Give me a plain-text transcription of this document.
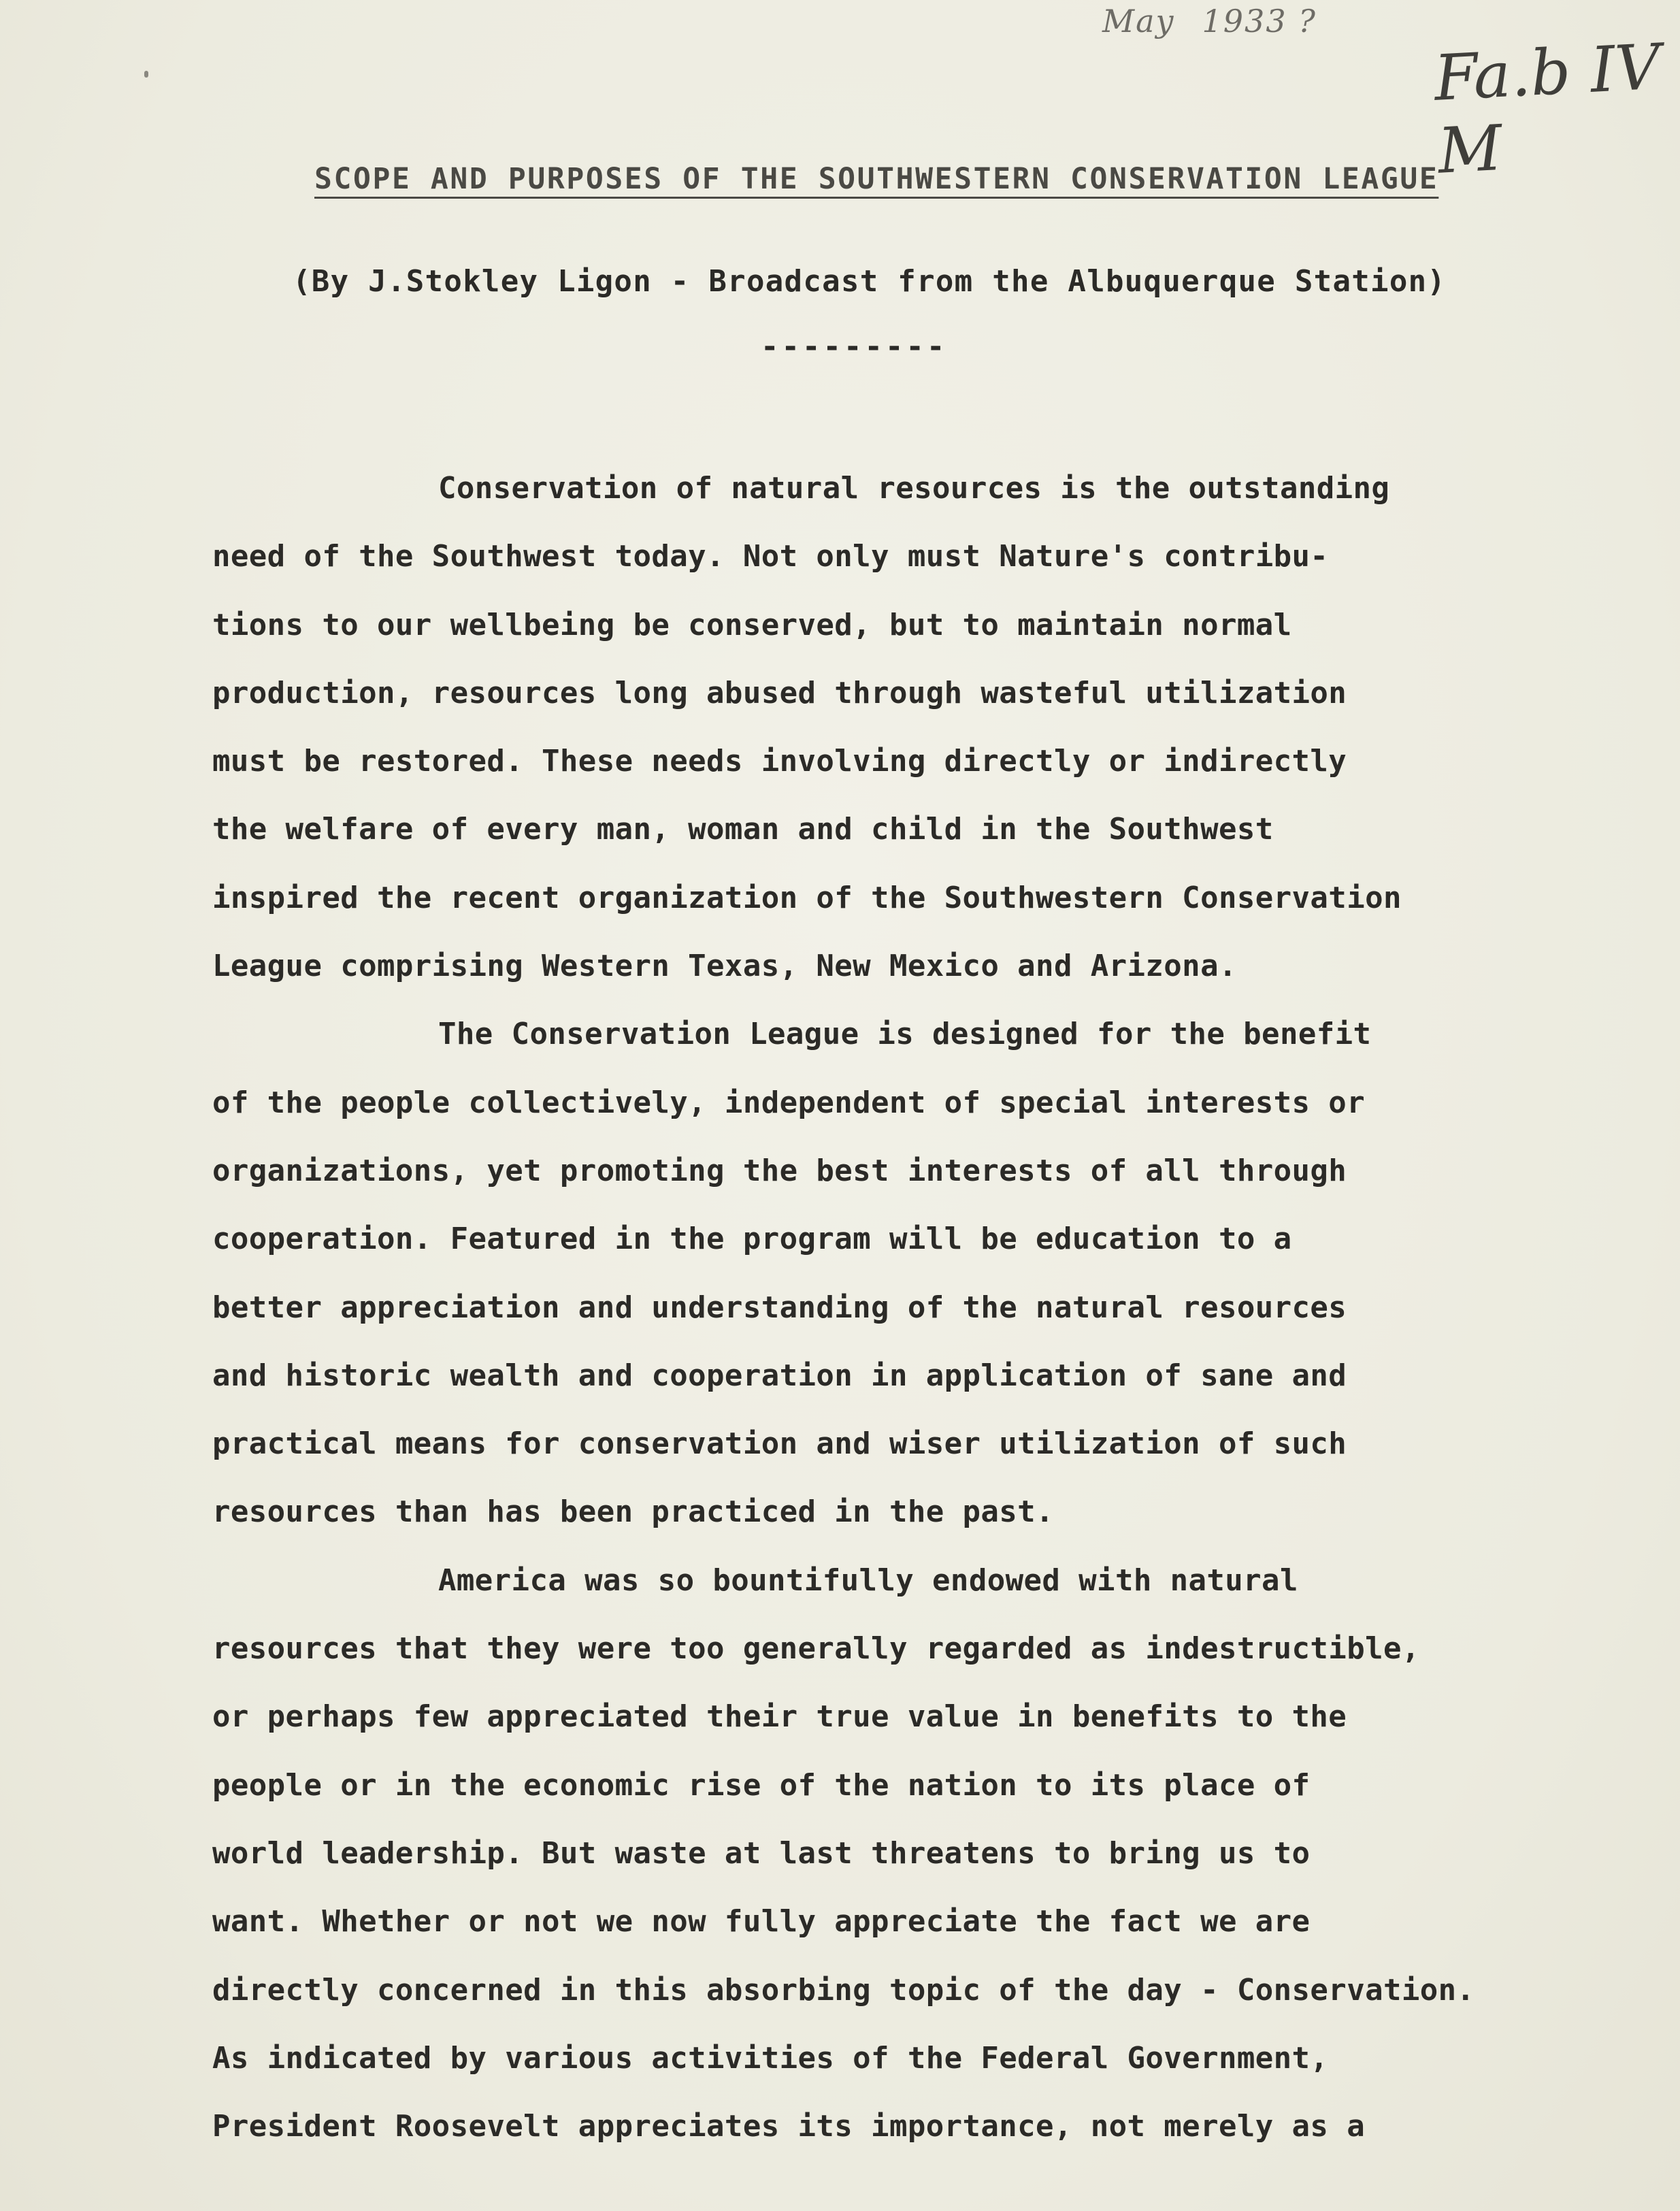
May 1933 ?
Fa.b IV M
SCOPE AND PURPOSES OF THE SOUTHWESTERN CONSERVATION LEAGUE
(By J.Stokley Ligon - Broadcast from the Albuquerque Station)
---------
Conservation of natural resources is the outstanding
need of the Southwest today. Not only must Nature's contribu-
tions to our wellbeing be conserved, but to maintain normal
production, resources long abused through wasteful utilization
must be restored. These needs involving directly or indirectly
the welfare of every man, woman and child in the Southwest
inspired the recent organization of the Southwestern Conservation
League comprising Western Texas, New Mexico and Arizona.
The Conservation League is designed for the benefit
of the people collectively, independent of special interests or
organizations, yet promoting the best interests of all through
cooperation. Featured in the program will be education to a
better appreciation and understanding of the natural resources
and historic wealth and cooperation in application of sane and
practical means for conservation and wiser utilization of such
resources than has been practiced in the past.
America was so bountifully endowed with natural
resources that they were too generally regarded as indestructible,
or perhaps few appreciated their true value in benefits to the
people or in the economic rise of the nation to its place of
world leadership. But waste at last threatens to bring us to
want. Whether or not we now fully appreciate the fact we are
directly concerned in this absorbing topic of the day - Conservation.
As indicated by various activities of the Federal Government,
President Roosevelt appreciates its importance, not merely as a
